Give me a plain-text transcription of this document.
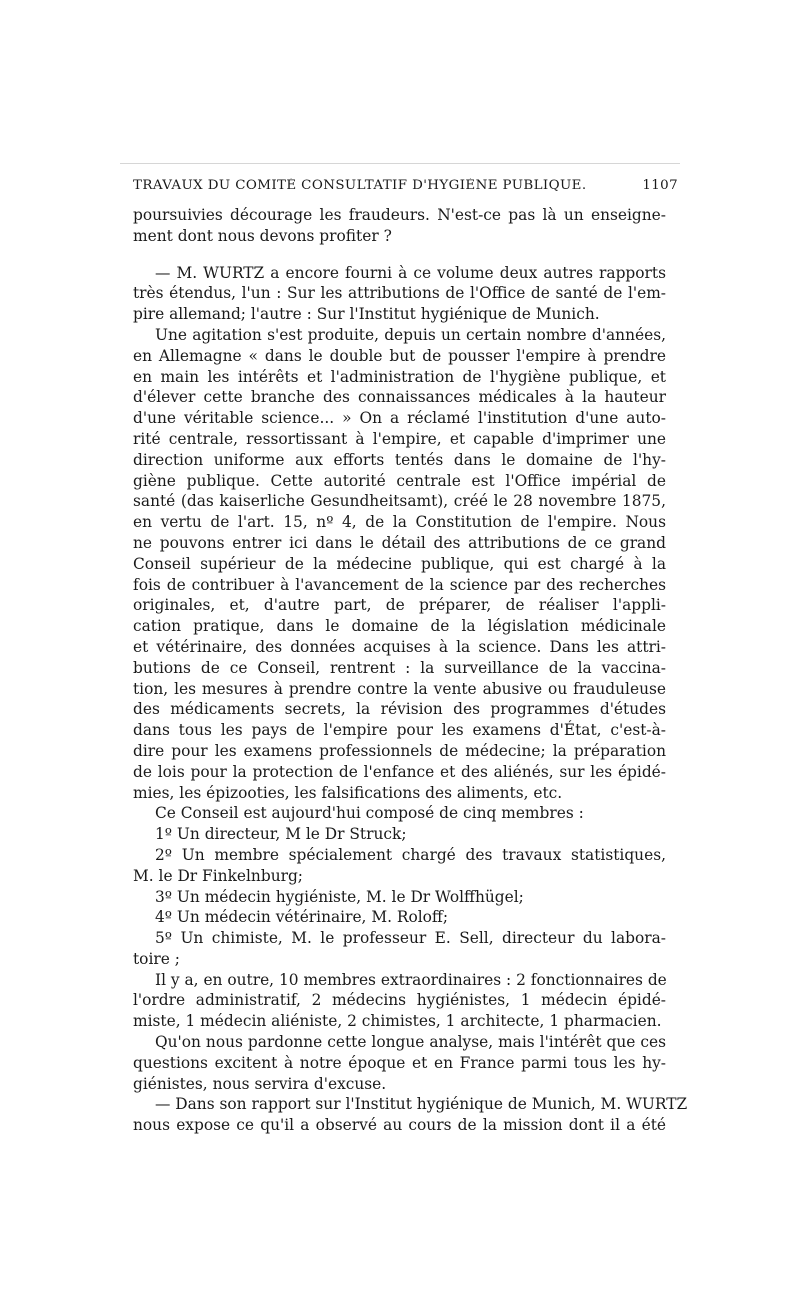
TRAVAUX DU COMITÉ CONSULTATIF D'HYGIÈNE PUBLIQUE.	1107

poursuivies décourage les fraudeurs. N'est-ce pas là un enseigne-
ment dont nous devons profiter ?

— M. WURTZ a encore fourni à ce volume deux autres rapports
très étendus, l'un : Sur les attributions de l'Office de santé de l'em-
pire allemand; l'autre : Sur l'Institut hygiénique de Munich.

Une agitation s'est produite, depuis un certain nombre d'années,
en Allemagne « dans le double but de pousser l'empire à prendre
en main les intérêts et l'administration de l'hygiène publique, et
d'élever cette branche des connaissances médicales à la hauteur
d'une véritable science... » On a réclamé l'institution d'une auto-
rité centrale, ressortissant à l'empire, et capable d'imprimer une
direction uniforme aux efforts tentés dans le domaine de l'hy-
giène publique. Cette autorité centrale est l'Office impérial de
santé (das kaiserliche Gesundheitsamt), créé le 28 novembre 1875,
en vertu de l'art. 15, nº 4, de la Constitution de l'empire. Nous
ne pouvons entrer ici dans le détail des attributions de ce grand
Conseil supérieur de la médecine publique, qui est chargé à la
fois de contribuer à l'avancement de la science par des recherches
originales, et, d'autre part, de préparer, de réaliser l'appli-
cation pratique, dans le domaine de la législation médicinale
et vétérinaire, des données acquises à la science. Dans les attri-
butions de ce Conseil, rentrent : la surveillance de la vaccina-
tion, les mesures à prendre contre la vente abusive ou frauduleuse
des médicaments secrets, la révision des programmes d'études
dans tous les pays de l'empire pour les examens d'État, c'est-à-
dire pour les examens professionnels de médecine; la préparation
de lois pour la protection de l'enfance et des aliénés, sur les épidé-
mies, les épizooties, les falsifications des aliments, etc.

Ce Conseil est aujourd'hui composé de cinq membres :

1º Un directeur, M le Dr Struck;

2º Un membre spécialement chargé des travaux statistiques,
M. le Dr Finkelnburg;

3º Un médecin hygiéniste, M. le Dr Wolffhügel;

4º Un médecin vétérinaire, M. Roloff;

5º Un chimiste, M. le professeur E. Sell, directeur du labora-
toire ;

Il y a, en outre, 10 membres extraordinaires : 2 fonctionnaires de
l'ordre administratif, 2 médecins hygiénistes, 1 médecin épidé-
miste, 1 médecin aliéniste, 2 chimistes, 1 architecte, 1 pharmacien.

Qu'on nous pardonne cette longue analyse, mais l'intérêt que ces
questions excitent à notre époque et en France parmi tous les hy-
giénistes, nous servira d'excuse.

— Dans son rapport sur l'Institut hygiénique de Munich, M. WURTZ
nous expose ce qu'il a observé au cours de la mission dont il a été
